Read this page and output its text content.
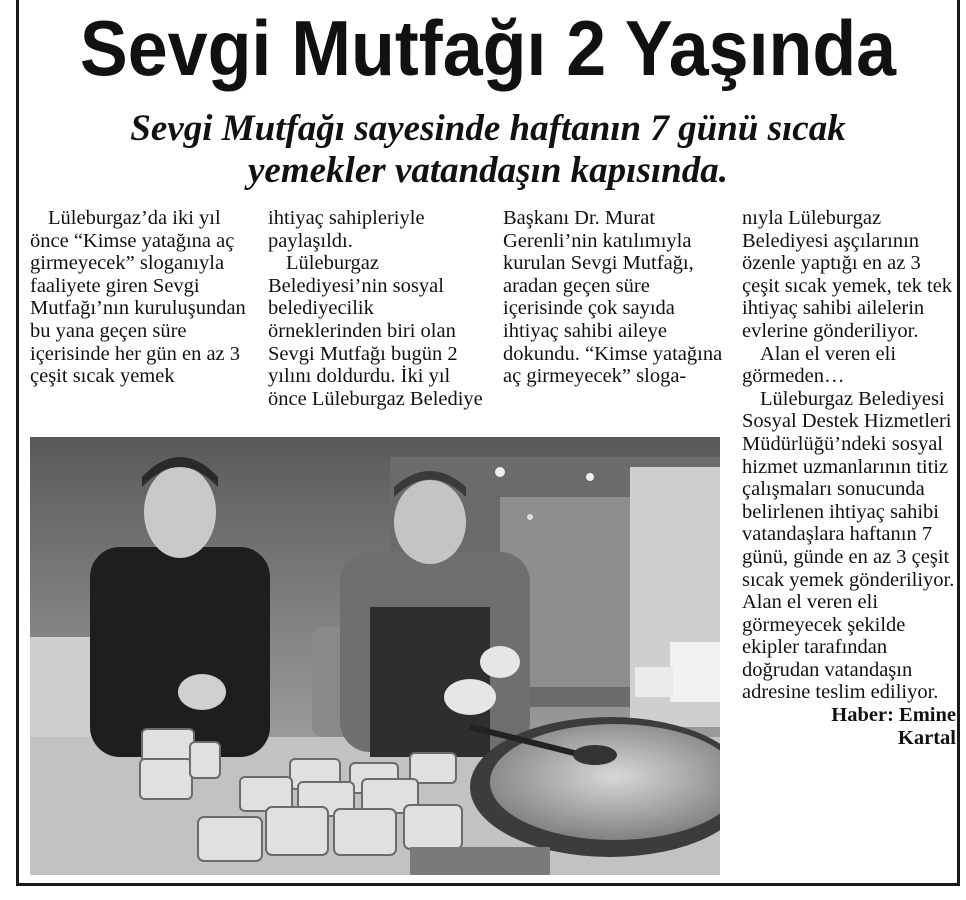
Sevgi Mutfağı 2 Yaşında
Sevgi Mutfağı sayesinde haftanın 7 günü sıcak
yemekler vatandaşın kapısında.

Lüleburgaz’da iki yıl önce “Kimse yatağına aç girmeyecek” sloganıyla faaliyete giren Sevgi Mutfağı’nın kuruluşundan bu yana geçen süre içerisinde her gün en az 3 çeşit sıcak yemek

ihtiyaç sahipleriyle paylaşıldı.

Lüleburgaz Belediyesi’nin sosyal belediyecilik örneklerinden biri olan Sevgi Mutfağı bugün 2 yılını doldurdu. İki yıl önce Lüleburgaz Belediye

Başkanı Dr. Murat Gerenli’nin katılımıyla kurulan Sevgi Mutfağı, aradan geçen süre içerisinde çok sayıda ihtiyaç sahibi aileye dokundu. “Kimse yatağına aç girmeyecek” sloga-

nıyla Lüleburgaz Belediyesi aşçılarının özenle yaptığı en az 3 çeşit sıcak yemek, tek tek ihtiyaç sahibi ailelerin evlerine gönderiliyor.

Alan el veren eli görmeden…

Lüleburgaz Belediyesi Sosyal Destek Hizmetleri Müdürlüğü’ndeki sosyal hizmet uzmanlarının titiz çalışmaları sonucunda belirlenen ihtiyaç sahibi vatandaşlara haftanın 7 günü, günde en az 3 çeşit sıcak yemek gönderiliyor. Alan el veren eli görmeyecek şekilde ekipler tarafından doğrudan vatandaşın adresine teslim ediliyor.

Haber: Emine

Kartal
